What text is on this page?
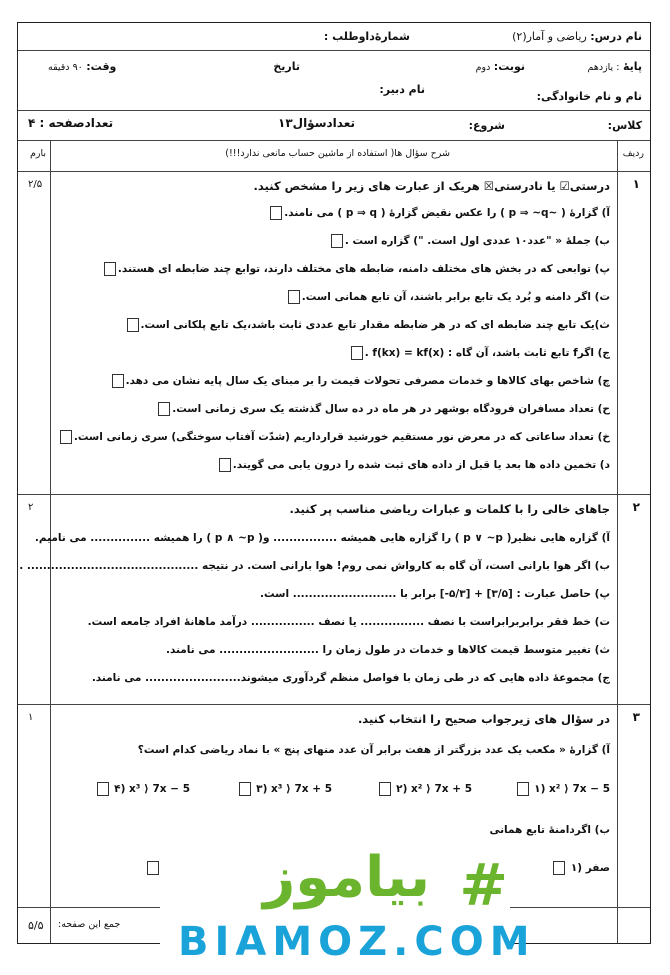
نام درس: ریاضی و آمار(۲)
شمارهٔ‌داوطلب :
پایهٔ : یازدهم
نوبت: دوم
تاریخ
وقت: ۹۰ دقیقه
نام و نام خانوادگی:
نام دبیر:
کلاس:
شروع:
تعدادسؤال۱۳
تعدادصفحه : ۴
ردیف
شرح سؤال ها( استفاده از ماشین حساب مانعی ندارد!!!)
بارم
۱
۲/۵	درستی☑ یا نادرستی☒ هریک از عبارت های زیر را مشخص کنید.
آ) گزارهٔ ( ~p ⇒ ~q ) را عکس نقیض گزارهٔ ( p ⇒ q ) می نامند.
ب) جملهٔ « "عدد۱۰ عددی اول است. ") گزاره است .
پ) توابعی که در بخش های مختلف دامنه، ضابطه های مختلف دارند، توابع چند ضابطه ای هستند.
ت) اگر دامنه و بُرد یک تابع برابر باشند، آن تابع همانی است.
ث)یک تابع چند ضابطه ای که در هر ضابطه مقدار تابع عددی ثابت باشد،یک تابع پلکانی است.
ج) اگرf تابع ثابت باشد، آن گاه : f(kx) = kf(x) .
چ) شاخص بهای کالاها و خدمات مصرفی تحولات قیمت را بر مبنای یک سال پایه نشان می دهد.
ح) تعداد مسافران فرودگاه بوشهر در هر ماه در ده سال گذشته یک سری زمانی است.
خ) تعداد ساعاتی که در معرض نور مستقیم خورشید قرارداریم (شدّت آفتاب سوختگی) سری زمانی است.
د) تخمین داده ها بعد یا قبل از داده های ثبت شده را درون یابی می گویند.
۲
۲	جاهای خالی را با کلمات و عبارات ریاضی مناسب پر کنید.
آ) گزاره هایی نظیر( p ∨ ~p ) را گزاره هایی همیشه ................ و( p ∧ ~p ) را همیشه ............... می نامیم.
ب) اگر هوا بارانی است، آن گاه به کارواش نمی روم! هوا بارانی است. در نتیجه ........................................... .
پ) حاصل عبارت : [۳/۵] + [۵/۳-] برابر با .......................... است.
ت) خط فقر برابربرابراست با نصف ................ یا نصف ................ درآمد ماهانهٔ افراد جامعه است.
ث) تغییر متوسط قیمت کالاها و خدمات در طول زمان را ......................... می نامند.
ج) مجموعهٔ داده هایی که در طی زمان با فواصل منظم گردآوری میشوند........................ می نامند.
۳
۱	در سؤال های زیرجواب صحیح را انتخاب کنید.
آ) گزارهٔ « مکعب یک عدد بزرگتر از هفت برابر آن عدد منهای پنج » با نماد ریاضی کدام است؟
۱) x² ⟩ 7x − 5
۲) x² ⟩ 7x + 5
۳) x³ ⟩ 7x + 5
۴) x³ ⟩ 7x − 5
ب) اگردامنهٔ تابع همانی
۱) صفر
جمع این صفحه:
۵/۵
#
بیاموز
BIAMOZ.COM
